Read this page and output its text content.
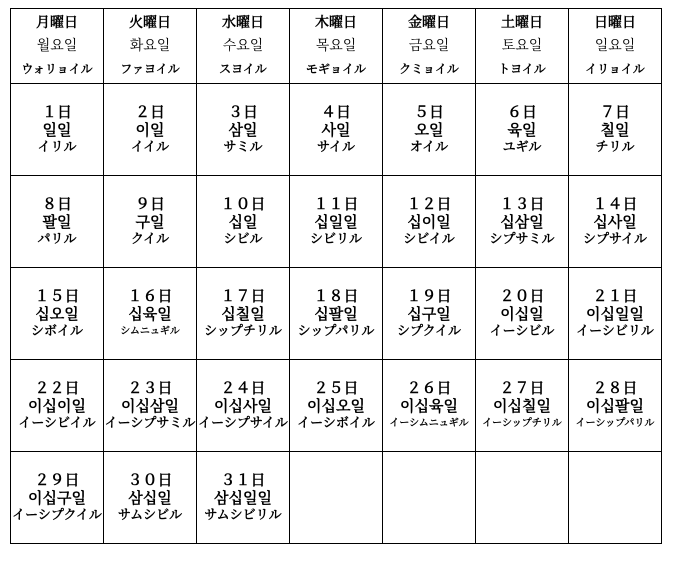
月曜日
월요일
ウォリョイル	火曜日
화요일
ファヨイル	水曜日
수요일
スヨイル	木曜日
목요일
モギョイル	金曜日
금요일
クミョイル	土曜日
토요일
トヨイル	日曜日
일요일
イリョイル

１日
일일
イリル	２日
이일
イイル	３日
삼일
サミル	４日
사일
サイル	５日
오일
オイル	６日
육일
ユギル	７日
칠일
チリル

８日
팔일
パリル	９日
구일
クイル	１０日
십일
シビル	１１日
십일일
シビリル	１２日
십이일
シビイル	１３日
십삼일
シプサミル	１４日
십사일
シプサイル

１５日
십오일
シボイル	１６日
십육일
シムニュギル	１７日
십칠일
シップチリル	１８日
십팔일
シップパリル	１９日
십구일
シプクイル	２０日
이십일
イーシビル	２１日
이십일일
イーシビリル

２２日
이십이일
イーシビイル	２３日
이십삼일
イーシプサミル	２４日
이십사일
イーシプサイル	２５日
이십오일
イーシボイル	２６日
이십육일
イーシムニュギル	２７日
이십칠일
イーシップチリル	２８日
이십팔일
イーシップパリル

２９日
이십구일
イーシプクイル	３０日
삼십일
サムシビル	３１日
삼십일일
サムシビリル				
